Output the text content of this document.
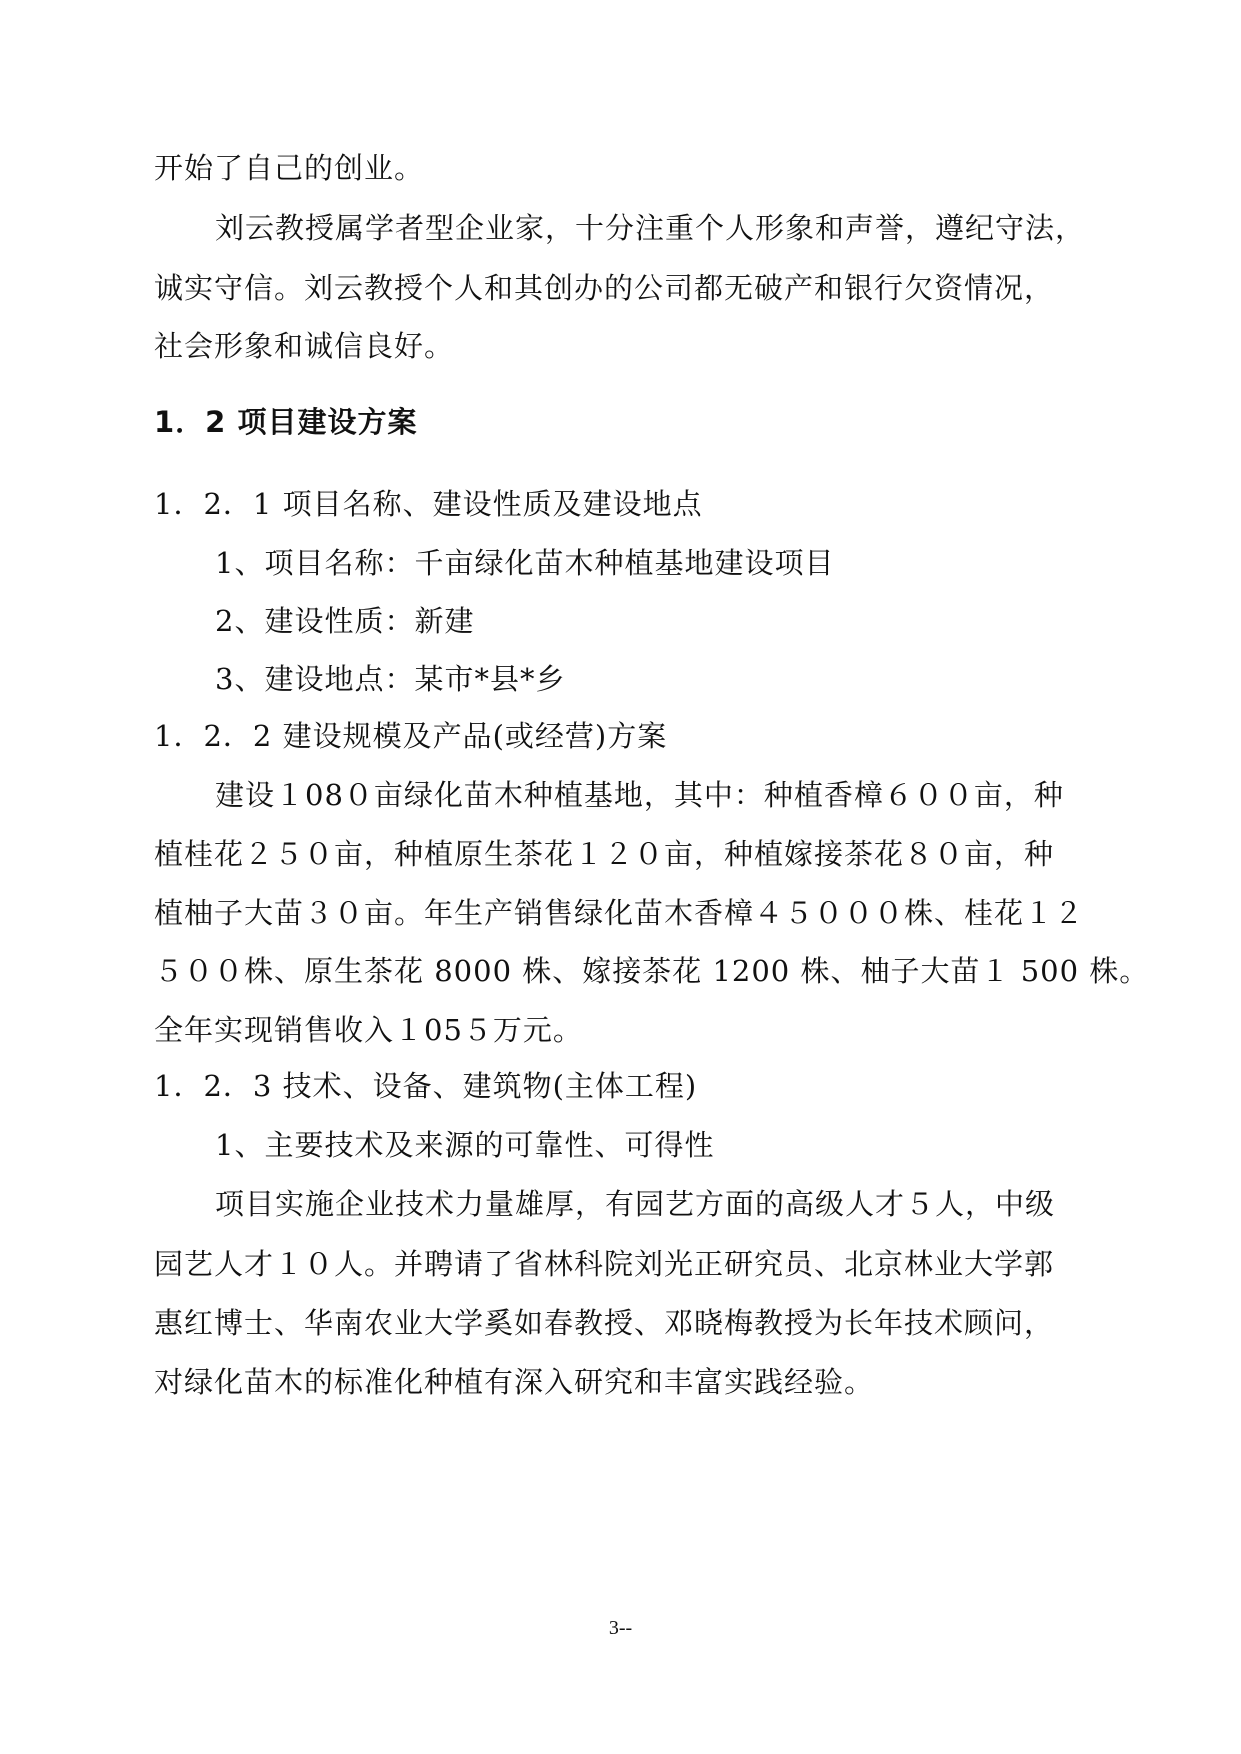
开始了自己的创业。
刘云教授属学者型企业家，十分注重个人形象和声誉，遵纪守法，
诚实守信。刘云教授个人和其创办的公司都无破产和银行欠资情况，
社会形象和诚信良好。
1．2 项目建设方案
1．2．1 项目名称、建设性质及建设地点
1、项目名称：千亩绿化苗木种植基地建设项目
2、建设性质：新建
3、建设地点：某市*县*乡
1．2．2 建设规模及产品(或经营)方案
建设１08０亩绿化苗木种植基地，其中：种植香樟６００亩，种
植桂花２５０亩，种植原生茶花１２０亩，种植嫁接茶花８０亩，种
植柚子大苗３０亩。年生产销售绿化苗木香樟４５０００株、桂花１２
５００株、原生茶花 8000 株、嫁接茶花 1200 株、柚子大苗１ 500 株。
全年实现销售收入１05５万元。
1．2．3 技术、设备、建筑物(主体工程)
1、主要技术及来源的可靠性、可得性
项目实施企业技术力量雄厚，有园艺方面的高级人才５人，中级
园艺人才１０人。并聘请了省林科院刘光正研究员、北京林业大学郭
惠红博士、华南农业大学奚如春教授、邓晓梅教授为长年技术顾问，
对绿化苗木的标准化种植有深入研究和丰富实践经验。
3--
